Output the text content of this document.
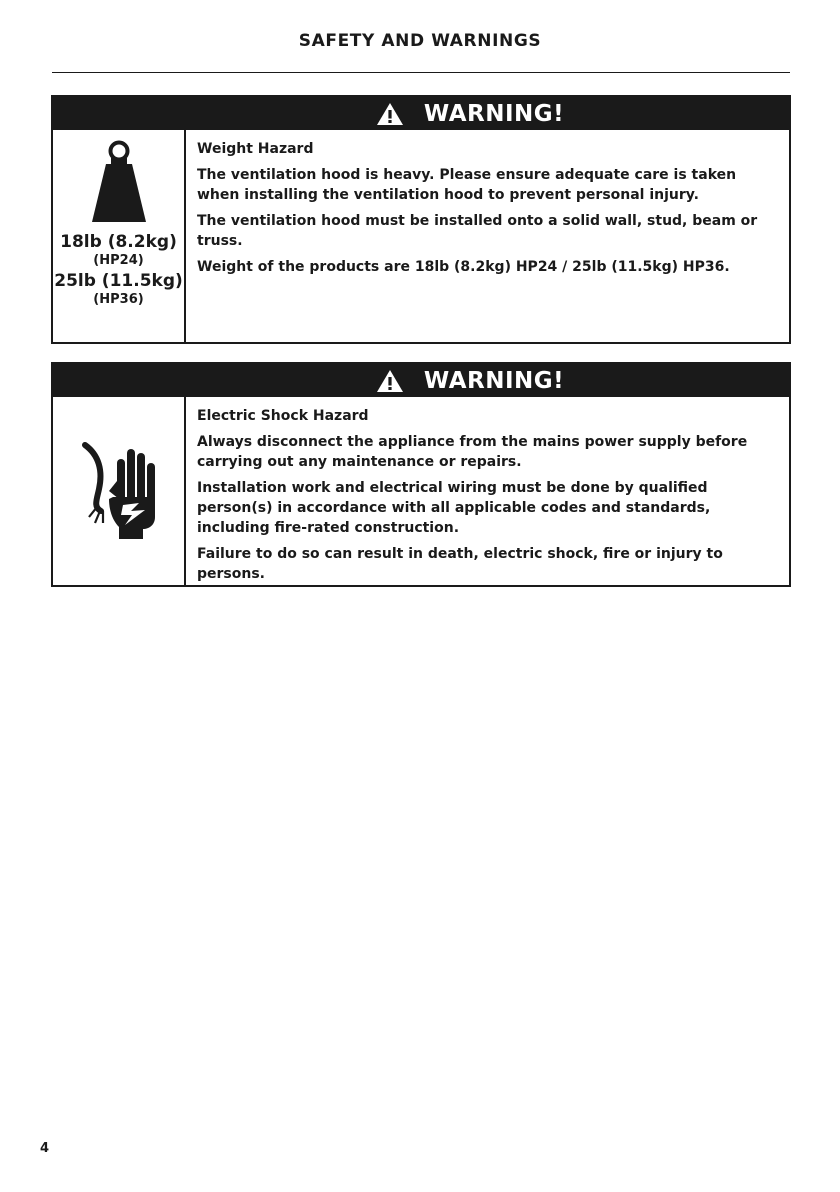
SAFETY AND WARNINGS
WARNING!
18lb (8.2kg)
(HP24)
25lb (11.5kg)
(HP36)

Weight Hazard

The ventilation hood is heavy. Please ensure adequate care is taken when installing the ventilation hood to prevent personal injury.

The ventilation hood must be installed onto a solid wall, stud, beam or truss.

Weight of the products are 18lb (8.2kg) HP24 / 25lb (11.5kg) HP36.

WARNING!

Electric Shock Hazard

Always disconnect the appliance from the mains power supply before carrying out any maintenance or repairs.

Installation work and electrical wiring must be done by qualified person(s) in accordance with all applicable codes and standards, including fire-rated construction.

Failure to do so can result in death, electric shock, fire or injury to persons.

4
